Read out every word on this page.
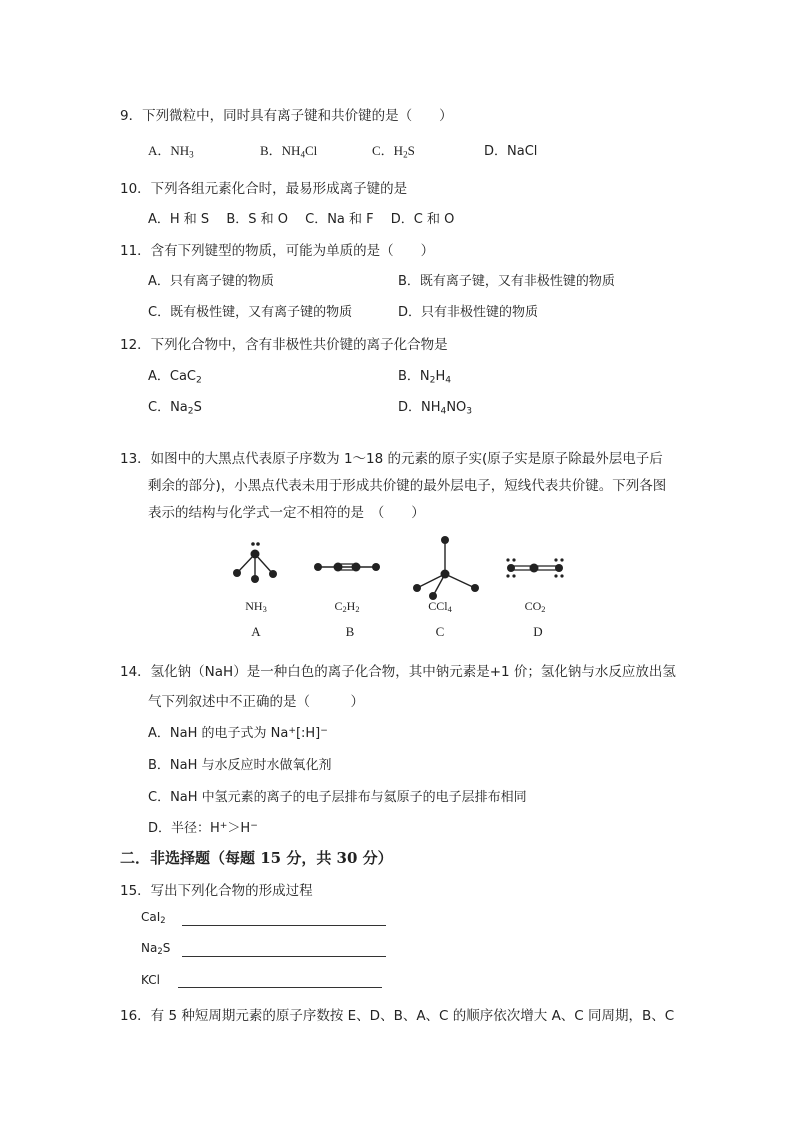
9．下列微粒中，同时具有离子键和共价键的是（　　）
A．$NH_3$	B．$NH_4Cl$	C．$H_2S$	D．NaCl
10．下列各组元素化合时，最易形成离子键的是
A．H 和 S　 B．S 和 O　 C．Na 和 F　 D．C 和 O
11．含有下列键型的物质，可能为单质的是（　　）
A．只有离子键的物质	B．既有离子键，又有非极性键的物质
C．既有极性键，又有离子键的物质	D．只有非极性键的物质
12．下列化合物中，含有非极性共价键的离子化合物是
A．CaC$_2$	B．$N_2H_4$
C．$Na_2S$	D．$NH_4NO_3$
13．如图中的大黑点代表原子序数为 1～18 的元素的原子实(原子实是原子除最外层电子后
剩余的部分)，小黑点代表未用于形成共价键的最外层电子，短线代表共价键。下列各图
表示的结构与化学式一定不相符的是　（　　）
$NH_3$	$C_2H_2$	CCl$_4$	$CO_2$
A	B	C	D
14．氢化钠（NaH）是一种白色的离子化合物，其中钠元素是+1 价；氢化钠与水反应放出氢
气下列叙述中不正确的是（　　　）
A．NaH 的电子式为 Na+[:H]−
B．NaH 与水反应时水做氧化剂
C．NaH 中氢元素的离子的电子层排布与氦原子的电子层排布相同
D．半径：H+＞H−
二．非选择题（每题 15 分，共 30 分）
15．写出下列化合物的形成过程
CaI$_2$
$Na_2S$
KCl
16．有 5 种短周期元素的原子序数按 E、D、B、A、C 的顺序依次增大 A、C 同周期，B、C
